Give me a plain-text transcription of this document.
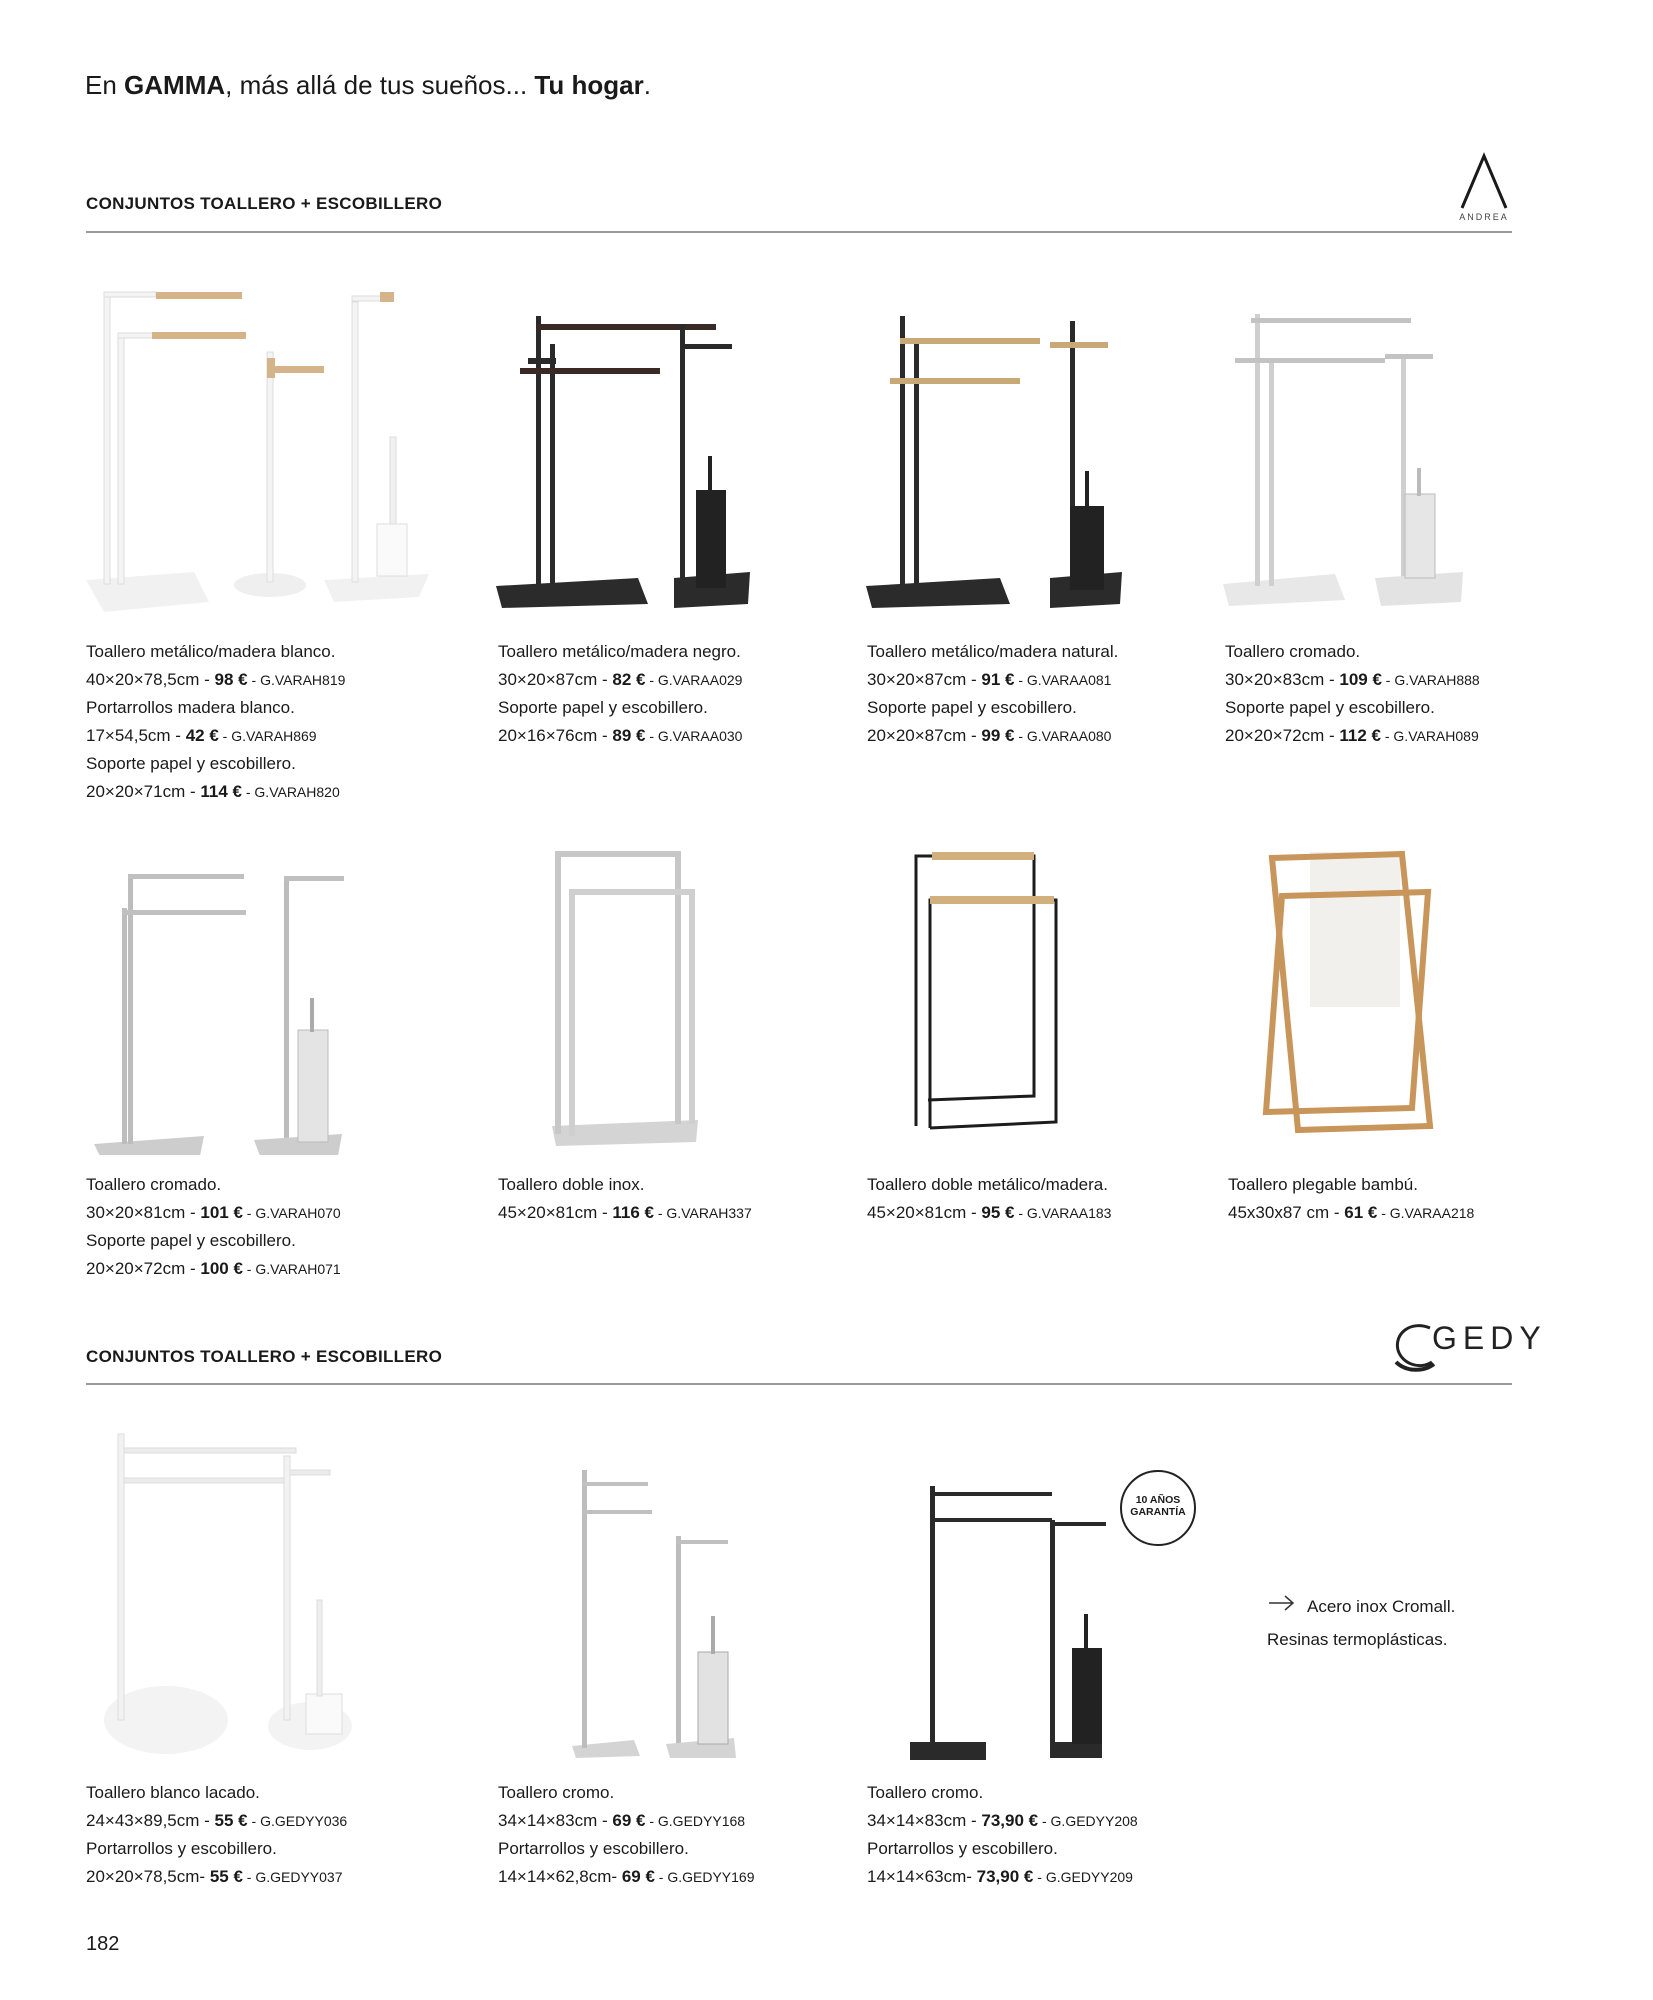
En GAMMA, más allá de tus sueños... Tu hogar.
CONJUNTOS TOALLERO + ESCOBILLERO
ANDREA
CONJUNTOS TOALLERO + ESCOBILLERO
GEDY
10 AÑOS
GARANTÍA
Acero inox Cromall.
Resinas termoplásticas.
Toallero metálico/madera blanco.
40×20×78,5cm - 98 € - G.VARAH819
Portarrollos madera blanco.
17×54,5cm - 42 € - G.VARAH869
Soporte papel y escobillero.
20×20×71cm - 114 € - G.VARAH820
Toallero metálico/madera negro.
30×20×87cm - 82 € - G.VARAA029
Soporte papel y escobillero.
20×16×76cm - 89 € - G.VARAA030
Toallero metálico/madera natural.
30×20×87cm - 91 € - G.VARAA081
Soporte papel y escobillero.
20×20×87cm - 99 € - G.VARAA080
Toallero cromado.
30×20×83cm - 109 € - G.VARAH888
Soporte papel y escobillero.
20×20×72cm - 112 € - G.VARAH089
Toallero cromado.
30×20×81cm - 101 € - G.VARAH070
Soporte papel y escobillero.
20×20×72cm - 100 € - G.VARAH071
Toallero doble inox.
45×20×81cm - 116 € - G.VARAH337
Toallero doble metálico/madera.
45×20×81cm - 95 € - G.VARAA183
Toallero plegable bambú.
45x30x87 cm - 61 € - G.VARAA218
Toallero blanco lacado.
24×43×89,5cm - 55 € - G.GEDYY036
Portarrollos y escobillero.
20×20×78,5cm- 55 € - G.GEDYY037
Toallero cromo.
34×14×83cm - 69 € - G.GEDYY168
Portarrollos y escobillero.
14×14×62,8cm- 69 € - G.GEDYY169
Toallero cromo.
34×14×83cm - 73,90 € - G.GEDYY208
Portarrollos y escobillero.
14×14×63cm- 73,90 € - G.GEDYY209
182
